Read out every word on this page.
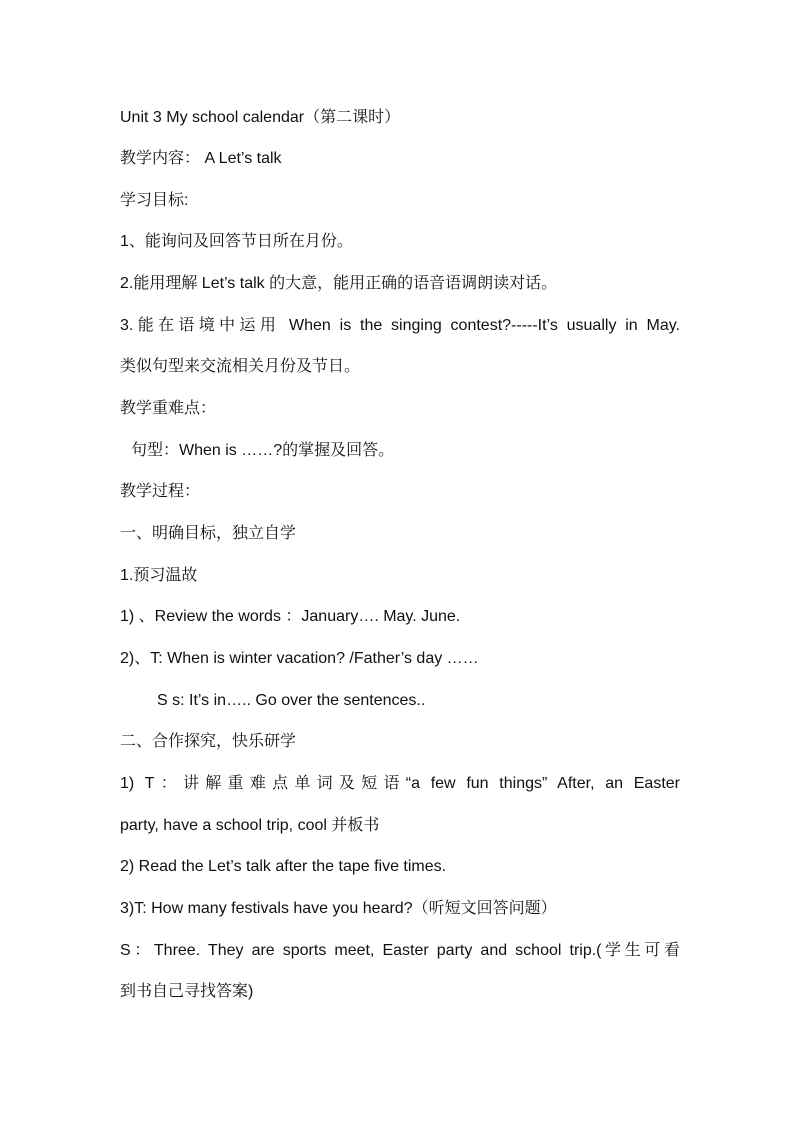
Unit 3 My school calendar（第二课时）
教学内容： A Let’s talk
学习目标:
1、能询问及回答节日所在月份。
2.能用理解 Let’s talk 的大意，能用正确的语音语调朗读对话。
3.能在语境中运用 When is the singing contest?-----It’s usually in May.
类似句型来交流相关月份及节日。
教学重难点：
句型：When is ……?的掌握及回答。
教学过程：
一、明确目标，独立自学
1.预习温故
1) 、Review the words ：January…. May. June.
2)、T: When is winter vacation? /Father’s day ……
S s: It’s in….. Go over the sentences..
二、合作探究，快乐研学
1) T：讲解重难点单词及短语“a few fun things” After, an Easter
party, have a school trip, cool 并板书
2) Read the Let’s talk after the tape five times.
3)T: How many festivals have you heard?（听短文回答问题）
S：Three. They are sports meet, Easter party and school trip.(学生可看
到书自己寻找答案)
